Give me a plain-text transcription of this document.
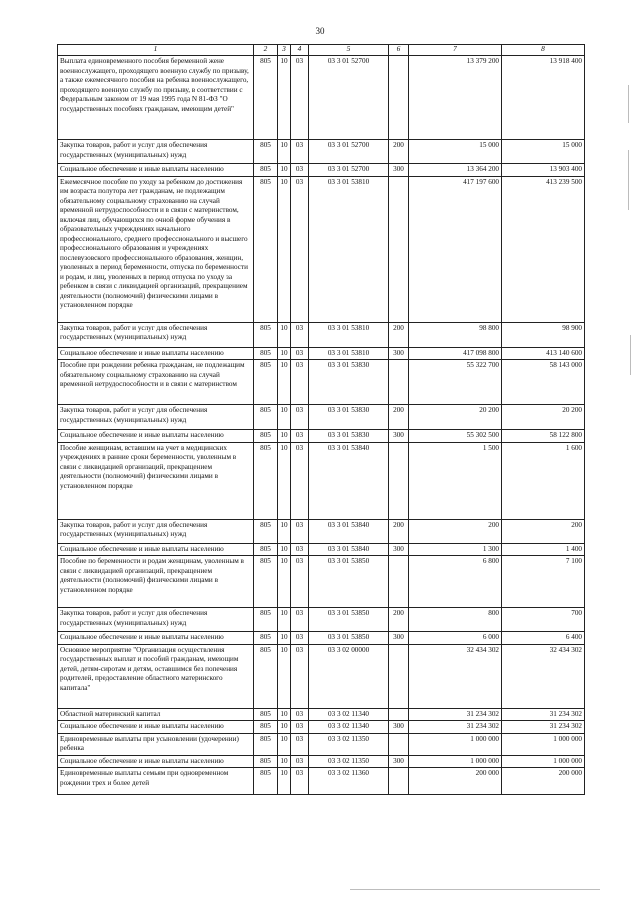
30
1	2	3	4	5	6	7	8
Выплата единовременного пособия беременной жене военнослужащего, проходящего военную службу по призыву, а также ежемесячного пособия на ребенка военнослужащего, проходящего военную службу по призыву, в соответствии с Федеральным законом от 19 мая 1995 года N 81-ФЗ "О государственных пособиях гражданам, имеющим детей"	805	10	03	03 3 01 52700		13 379 200	13 918 400
Закупка товаров, работ и услуг для обеспечения государственных (муниципальных) нужд	805	10	03	03 3 01 52700	200	15 000	15 000
Социальное обеспечение и иные выплаты населению	805	10	03	03 3 01 52700	300	13 364 200	13 903 400
Ежемесячное пособие по уходу за ребенком до достижения им возраста полутора лет гражданам, не подлежащим обязательному социальному страхованию на случай временной нетрудоспособности и в связи с материнством, включая лиц, обучающихся по очной форме обучения в образовательных учреждениях начального профессионального, среднего профессионального и высшего профессионального образования и учреждениях послевузовского профессионального образования, женщин, уволенных в период беременности, отпуска по беременности и родам, и лиц, уволенных в период отпуска по уходу за ребенком в связи с ликвидацией организаций, прекращением деятельности (полномочий) физическими лицами в установленном порядке	805	10	03	03 3 01 53810		417 197 600	413 239 500
Закупка товаров, работ и услуг для обеспечения государственных (муниципальных) нужд	805	10	03	03 3 01 53810	200	98 800	98 900
Социальное обеспечение и иные выплаты населению	805	10	03	03 3 01 53810	300	417 098 800	413 140 600
Пособие при рождении ребенка гражданам, не подлежащим обязательному социальному страхованию на случай временной нетрудоспособности и в связи с материнством	805	10	03	03 3 01 53830		55 322 700	58 143 000
Закупка товаров, работ и услуг для обеспечения государственных (муниципальных) нужд	805	10	03	03 3 01 53830	200	20 200	20 200
Социальное обеспечение и иные выплаты населению	805	10	03	03 3 01 53830	300	55 302 500	58 122 800
Пособие женщинам, вставшим на учет в медицинских учреждениях в ранние сроки беременности, уволенным в связи с ликвидацией организаций, прекращением деятельности (полномочий) физическими лицами в установленном порядке	805	10	03	03 3 01 53840		1 500	1 600
Закупка товаров, работ и услуг для обеспечения государственных (муниципальных) нужд	805	10	03	03 3 01 53840	200	200	200
Социальное обеспечение и иные выплаты населению	805	10	03	03 3 01 53840	300	1 300	1 400
Пособие по беременности и родам женщинам, уволенным в связи с ликвидацией организаций, прекращением деятельности (полномочий) физическими лицами в установленном порядке	805	10	03	03 3 01 53850		6 800	7 100
Закупка товаров, работ и услуг для обеспечения государственных (муниципальных) нужд	805	10	03	03 3 01 53850	200	800	700
Социальное обеспечение и иные выплаты населению	805	10	03	03 3 01 53850	300	6 000	6 400
Основное мероприятие "Организация осуществления государственных выплат и пособий гражданам, имеющим детей, детям-сиротам и детям, оставшимся без попечения родителей, предоставление областного материнского капитала"	805	10	03	03 3 02 00000		32 434 302	32 434 302
Областной материнский капитал	805	10	03	03 3 02 11340		31 234 302	31 234 302
Социальное обеспечение и иные выплаты населению	805	10	03	03 3 02 11340	300	31 234 302	31 234 302
Единовременные выплаты при усыновлении (удочерении) ребенка	805	10	03	03 3 02 11350		1 000 000	1 000 000
Социальное обеспечение и иные выплаты населению	805	10	03	03 3 02 11350	300	1 000 000	1 000 000
Единовременные выплаты семьям при одновременном рождении трех и более детей	805	10	03	03 3 02 11360		200 000	200 000
